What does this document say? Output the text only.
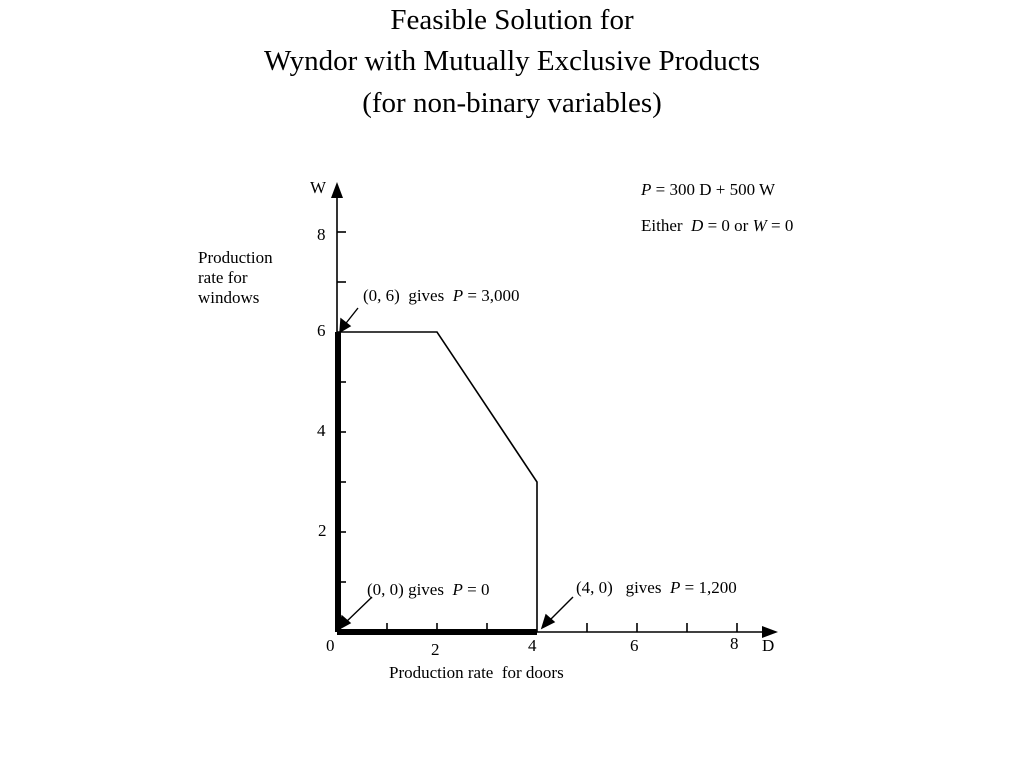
Feasible Solution for
Wyndor with Mutually Exclusive Products
(for non-binary variables)
W
D
Production
rate for
windows
Production rate  for doors
0
2
4
6
8
2	4	6	8
P = 300 D + 500 W
Either  D = 0 or W = 0
(0, 6)  gives  P = 3,000
(0, 0) gives  P = 0	(4, 0)   gives  P = 1,200
